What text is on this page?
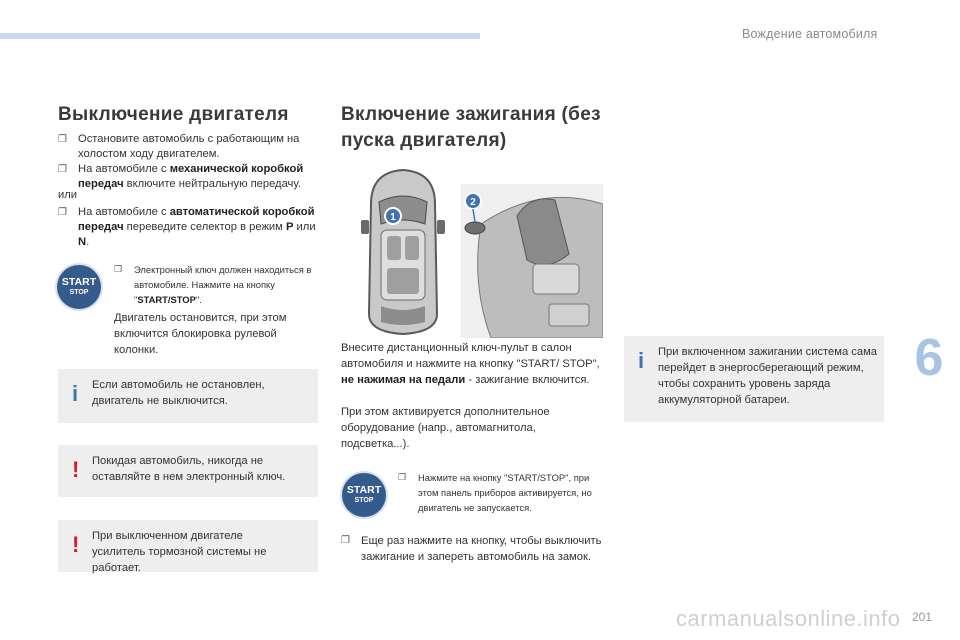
Вождение автомобиля
6
carmanualsonline.info 201
Выключение двигателя
❐ Остановите автомобиль с работающим на холостом ходу двигателем.
❐ На автомобиле с механической коробкой передач включите нейтральную передачу.
или
❐ На автомобиле с автоматической коробкой передач переведите селектор в режим P или N.
START
STOP
❐	Электронный ключ должен находиться в автомобиле. Нажмите на кнопку "START/STOP".
Двигатель остановится, при этом включится блокировка рулевой колонки.
i Если автомобиль не остановлен, двигатель не выключится.
! Покидая автомобиль, никогда не оставляйте в нем электронный ключ.
! При выключенном двигателе усилитель тормозной системы не работает.
Включение зажигания (без пуска двигателя)
1
2
Внесите дистанционный ключ-пульт в салон автомобиля и нажмите на кнопку "START/ STOP", не нажимая на педали - зажигание включится.
При этом активируется дополнительное оборудование (напр., автомагнитола, подсветка...).
START
STOP
❐	Нажмите на кнопку "START/STOP", при этом панель приборов активируется, но двигатель не запускается.
❐ Еще раз нажмите на кнопку, чтобы выключить зажигание и запереть автомобиль на замок.
i При включенном зажигании система сама перейдет в энергосберегающий режим, чтобы сохранить уровень заряда аккумуляторной батареи.
